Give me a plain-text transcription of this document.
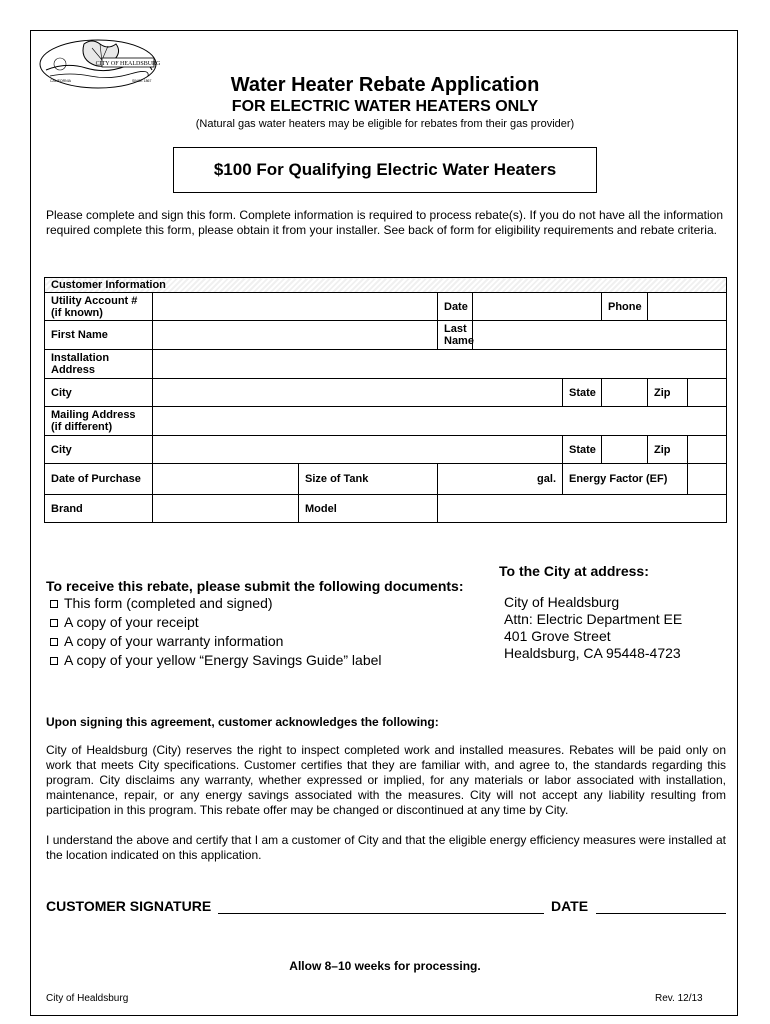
CITY OF HEALDSBURG
CALIFORNIA	SINCE 1867	Water Heater Rebate Application
FOR ELECTRIC WATER HEATERS ONLY
(Natural gas water heaters may be eligible for rebates from their gas provider)
$100 For Qualifying Electric Water Heaters
Please complete and sign this form. Complete information is required to process rebate(s). If you do not have all the information required complete this form, please obtain it from your installer. See back of form for eligibility requirements and rebate criteria.
Customer Information								
Utility Account # (if known)			Date			Phone		
First Name			Last Name					
Installation Address								
City					State		Zip	
Mailing Address (if different)								
City					State		Zip	
Date of Purchase		Size of Tank	gal.		Energy Factor (EF)			
Brand		Model						
To receive this rebate, please submit the following documents:
This form (completed and signed)
A copy of your receipt
A copy of your warranty information
A copy of your yellow “Energy Savings Guide” label
To the City at address:
City of Healdsburg
Attn: Electric Department EE
401 Grove Street
Healdsburg, CA 95448-4723
Upon signing this agreement, customer acknowledges the following:
City of Healdsburg (City) reserves the right to inspect completed work and installed measures. Rebates will be paid only on work that meets City specifications. Customer certifies that they are familiar with, and agree to, the standards regarding this program. City disclaims any warranty, whether expressed or implied, for any materials or labor associated with installation, maintenance, repair, or any energy savings associated with the measures. City will not accept any liability resulting from participation in this program. This rebate offer may be changed or discontinued at any time by City.
I understand the above and certify that I am a customer of City and that the eligible energy efficiency measures were installed at the location indicated on this application.
CUSTOMER SIGNATURE	DATE
Allow 8–10 weeks for processing.
City of Healdsburg	Rev. 12/13
